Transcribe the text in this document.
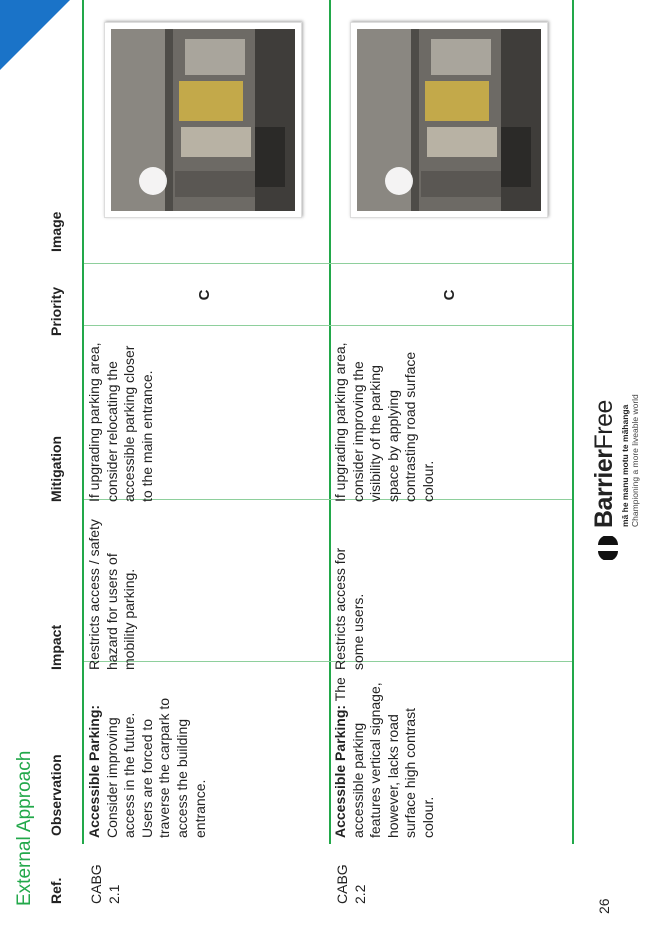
External Approach Ref.
Observation
Impact
Mitigation
Priority
Image
CABG 2.1
Accessible Parking: Consider improving access in the future. Users are forced to traverse the carpark to access the building entrance.
Restricts access / safety hazard for users of mobility parking.
If upgrading parking area, consider relocating the accessible parking closer to the main entrance.
C
CABG 2.2
Accessible Parking: The
accessible parking features vertical signage, however, lacks road surface high contrast colour.
Restricts access for some users.
If upgrading parking area, consider improving the visibility of the parking space by applying contrasting road surface colour.
C
26
BarrierFree mā he manu motu te māhanga Championing a more liveable world
